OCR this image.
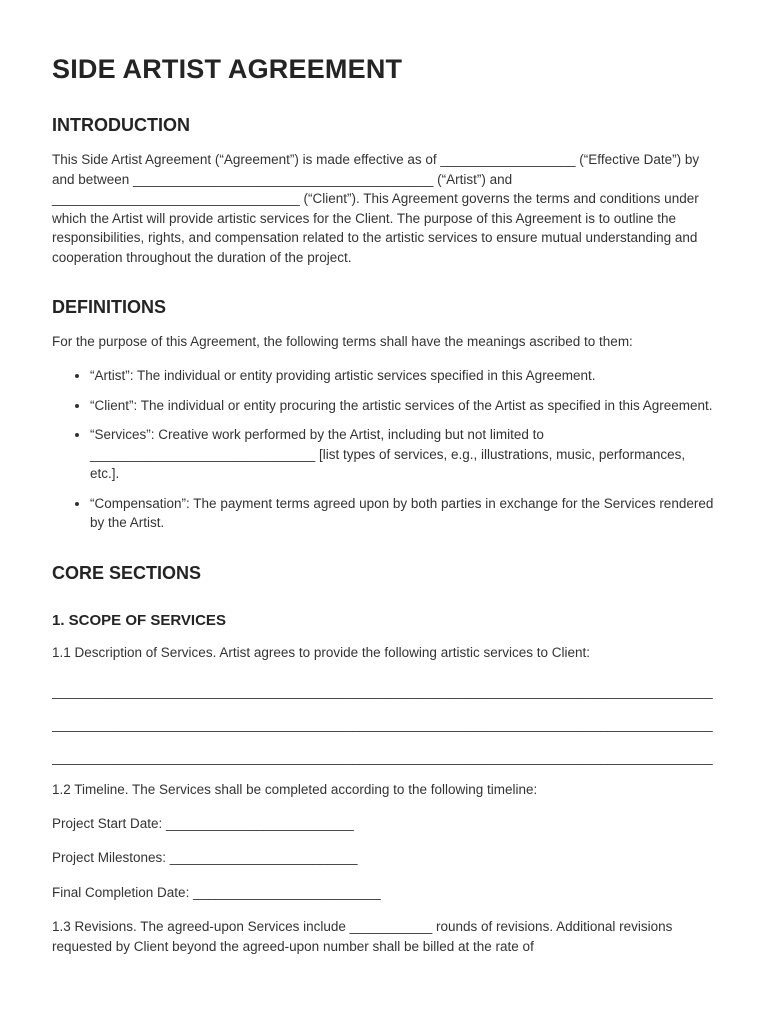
SIDE ARTIST AGREEMENT
INTRODUCTION

This Side Artist Agreement (“Agreement”) is made effective as of __________________ (“Effective Date”) by and between ________________________________________ (“Artist”) and _________________________________ (“Client”). This Agreement governs the terms and conditions under which the Artist will provide artistic services for the Client. The purpose of this Agreement is to outline the responsibilities, rights, and compensation related to the artistic services to ensure mutual understanding and cooperation throughout the duration of the project.

DEFINITIONS

For the purpose of this Agreement, the following terms shall have the meanings ascribed to them:

• “Artist”: The individual or entity providing artistic services specified in this Agreement.
• “Client”: The individual or entity procuring the artistic services of the Artist as specified in this Agreement.
• “Services”: Creative work performed by the Artist, including but not limited to ______________________________ [list types of services, e.g., illustrations, music, performances, etc.].
• “Compensation”: The payment terms agreed upon by both parties in exchange for the Services rendered by the Artist.
CORE SECTIONS
1. SCOPE OF SERVICES

1.1 Description of Services. Artist agrees to provide the following artistic services to Client:

________________________________________________________________________________________

________________________________________________________________________________________

________________________________________________________________________________________

1.2 Timeline. The Services shall be completed according to the following timeline:

Project Start Date: _________________________

Project Milestones: _________________________

Final Completion Date: _________________________

1.3 Revisions. The agreed-upon Services include ___________ rounds of revisions. Additional revisions requested by Client beyond the agreed-upon number shall be billed at the rate of
